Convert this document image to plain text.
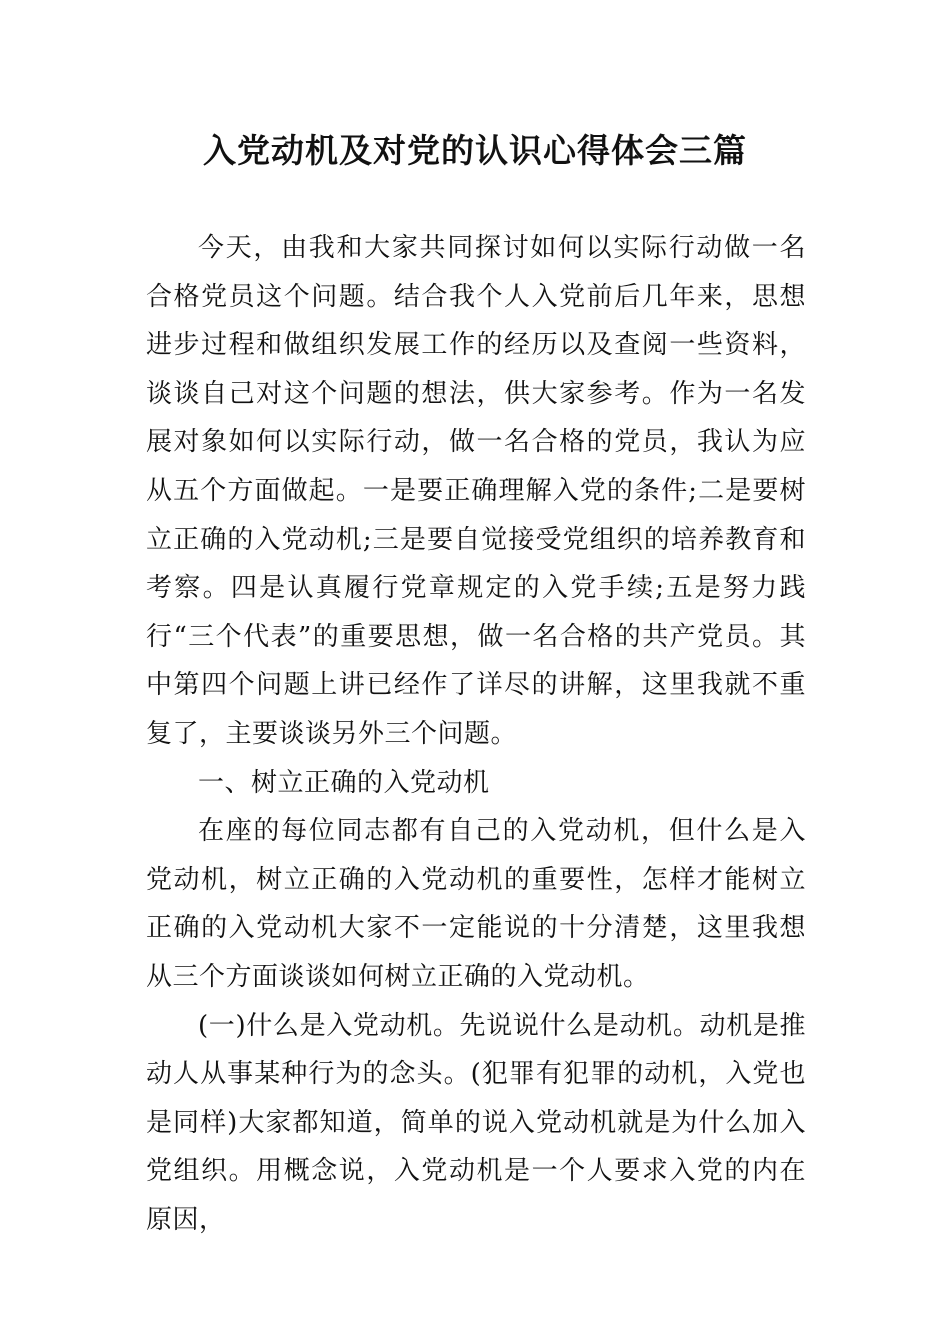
入党动机及对党的认识心得体会三篇

今天，由我和大家共同探讨如何以实际行动做一名合格党员这个问题。结合我个人入党前后几年来，思想进步过程和做组织发展工作的经历以及查阅一些资料，谈谈自己对这个问题的想法，供大家参考。作为一名发展对象如何以实际行动，做一名合格的党员，我认为应从五个方面做起。一是要正确理解入党的条件;二是要树立正确的入党动机;三是要自觉接受党组织的培养教育和考察。四是认真履行党章规定的入党手续;五是努力践行“三个代表”的重要思想，做一名合格的共产党员。其中第四个问题上讲已经作了详尽的讲解，这里我就不重复了，主要谈谈另外三个问题。

一、树立正确的入党动机

在座的每位同志都有自己的入党动机，但什么是入党动机，树立正确的入党动机的重要性，怎样才能树立正确的入党动机大家不一定能说的十分清楚，这里我想从三个方面谈谈如何树立正确的入党动机。

(一)什么是入党动机。先说说什么是动机。动机是推动人从事某种行为的念头。(犯罪有犯罪的动机，入党也是同样)大家都知道，简单的说入党动机就是为什么加入党组织。用概念说，入党动机是一个人要求入党的内在原因，
